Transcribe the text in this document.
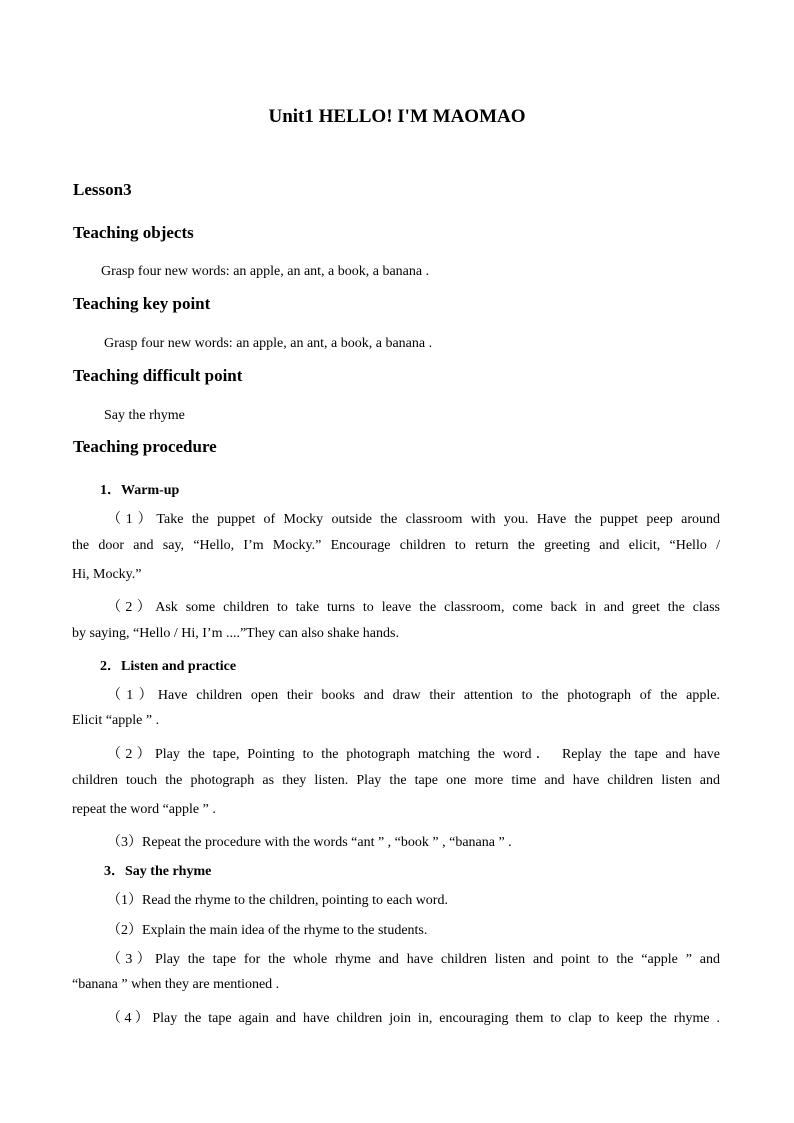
Unit1 HELLO! I'M MAOMAO
Lesson3
Teaching objects
Grasp four new words: an apple, an ant, a book, a banana .
Teaching key point
Grasp four new words: an apple, an ant, a book, a banana .
Teaching difficult point
Say the rhyme
Teaching procedure
1．Warm-up
（1）Take the puppet of Mocky outside the classroom with you. Have the puppet peep around
the door and say, “Hello, I’m Mocky.” Encourage children to return the greeting and elicit, “Hello /
Hi, Mocky.”
（2）Ask some children to take turns to leave the classroom, come back in and greet the class
by saying, “Hello / Hi, I’m ....”They can also shake hands.
2．Listen and practice
（1）Have children open their books and draw their attention to the photograph of the apple.
Elicit “apple ” .
（2）Play the tape, Pointing to the photograph matching the word． Replay the tape and have
children touch the photograph as they listen. Play the tape one more time and have children listen and
repeat the word “apple ” .
（3）Repeat the procedure with the words “ant ” , “book ” , “banana ” .
3．Say the rhyme
（1）Read the rhyme to the children, pointing to each word.
（2）Explain the main idea of the rhyme to the students.
（3）Play the tape for the whole rhyme and have children listen and point to the “apple ” and
“banana ” when they are mentioned .
（4）Play the tape again and have children join in, encouraging them to clap to keep the rhyme .
